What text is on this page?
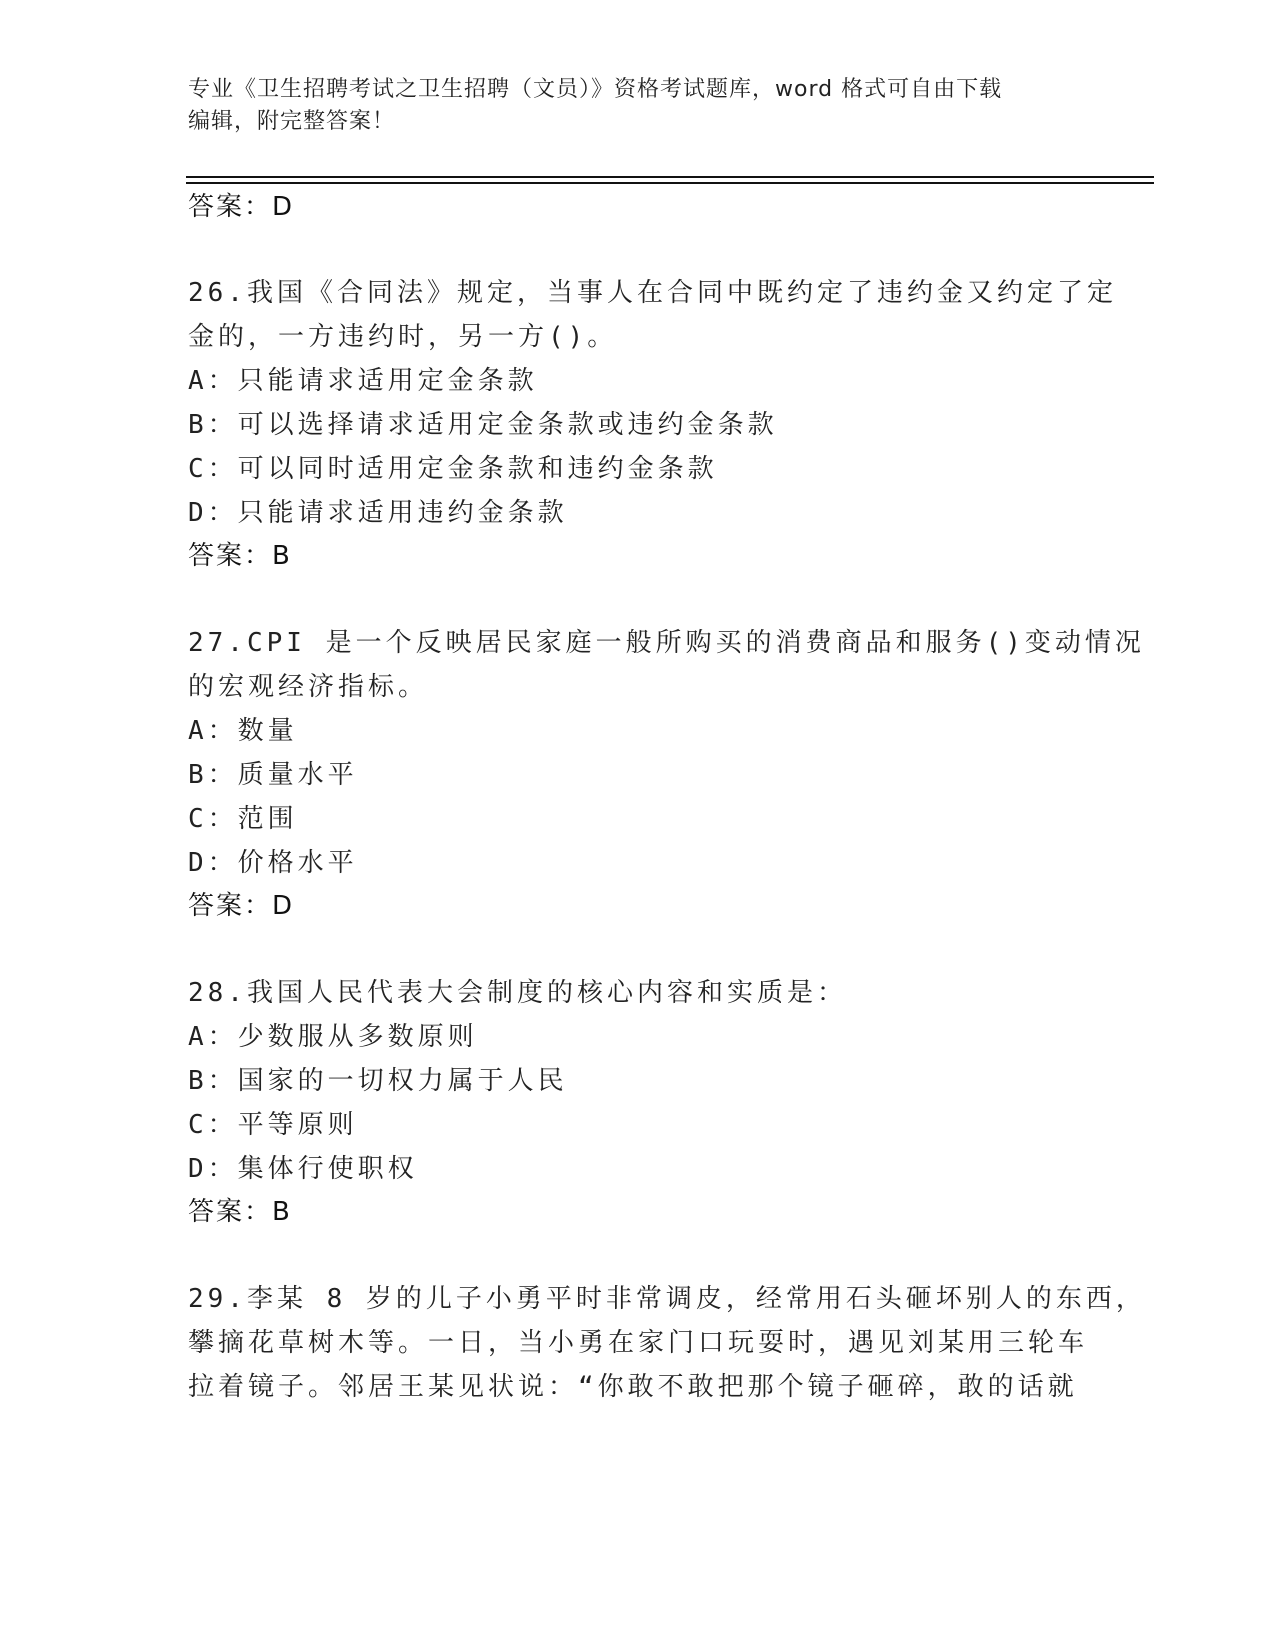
专业《卫生招聘考试之卫生招聘（文员）》资格考试题库，word 格式可自由下载
编辑，附完整答案！
答案：D
26.我国《合同法》规定，当事人在合同中既约定了违约金又约定了定
金的，一方违约时，另一方()。
A：只能请求适用定金条款
B：可以选择请求适用定金条款或违约金条款
C：可以同时适用定金条款和违约金条款
D：只能请求适用违约金条款
答案：B
27.CPI 是一个反映居民家庭一般所购买的消费商品和服务()变动情况
的宏观经济指标。
A：数量
B：质量水平
C：范围
D：价格水平
答案：D
28.我国人民代表大会制度的核心内容和实质是：
A：少数服从多数原则
B：国家的一切权力属于人民
C：平等原则
D：集体行使职权
答案：B
29.李某 8 岁的儿子小勇平时非常调皮，经常用石头砸坏别人的东西，
攀摘花草树木等。一日，当小勇在家门口玩耍时，遇见刘某用三轮车
拉着镜子。邻居王某见状说：“你敢不敢把那个镜子砸碎，敢的话就
